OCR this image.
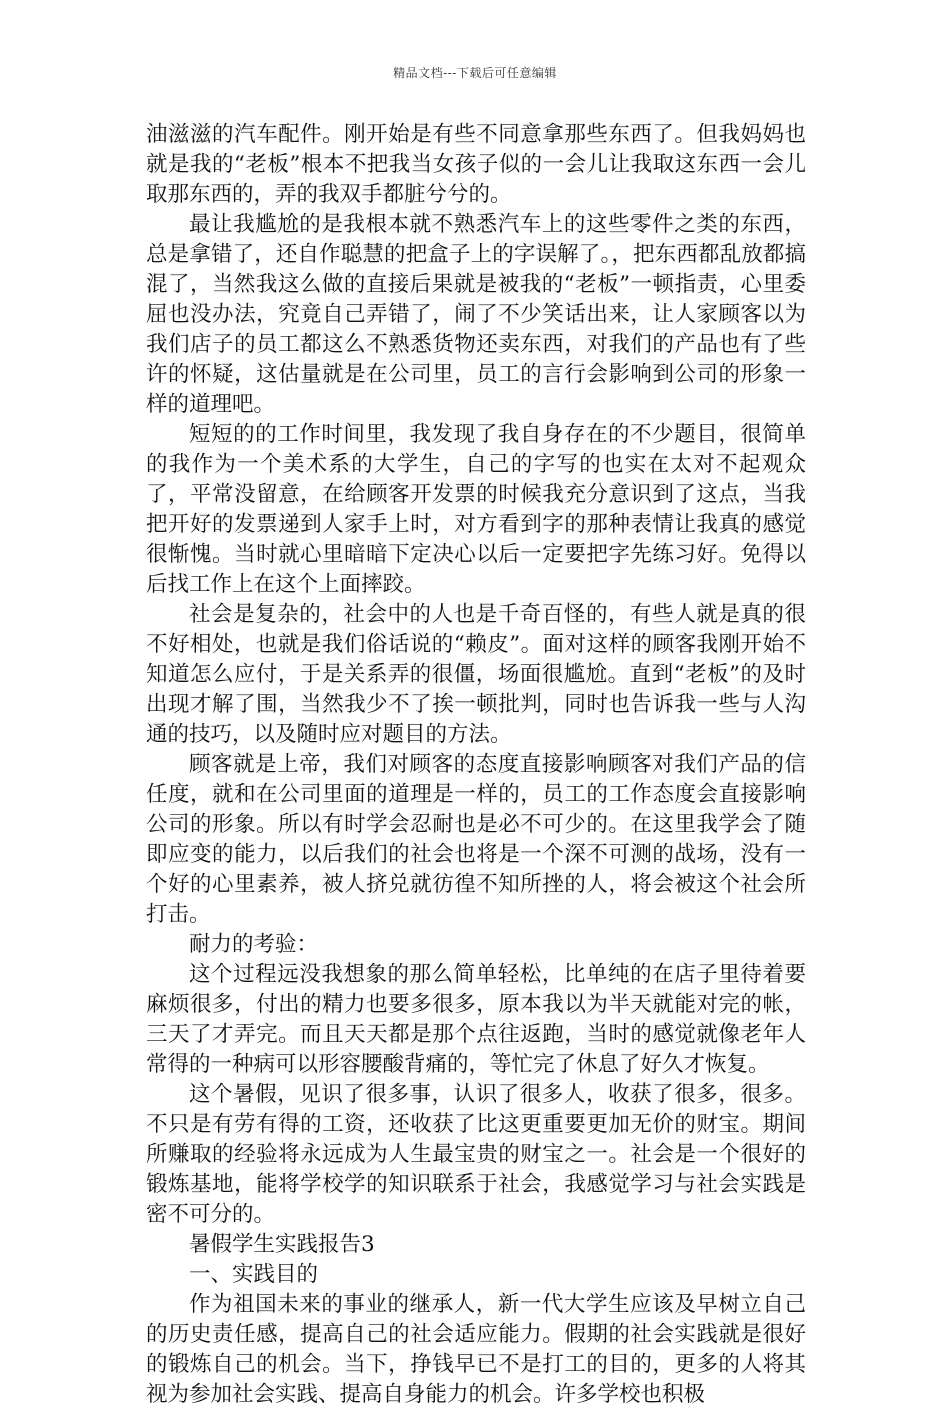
精品文档---下载后可任意编辑

油滋滋的汽车配件。刚开始是有些不同意拿那些东西了。但我妈妈也就是我的“老板”根本不把我当女孩子似的一会儿让我取这东西一会儿取那东西的，弄的我双手都脏兮兮的。

最让我尴尬的是我根本就不熟悉汽车上的这些零件之类的东西，总是拿错了，还自作聪慧的把盒子上的字误解了。，把东西都乱放都搞混了，当然我这么做的直接后果就是被我的“老板”一顿指责，心里委屈也没办法，究竟自己弄错了，闹了不少笑话出来，让人家顾客以为我们店子的员工都这么不熟悉货物还卖东西，对我们的产品也有了些许的怀疑，这估量就是在公司里，员工的言行会影响到公司的形象一样的道理吧。

短短的的工作时间里，我发现了我自身存在的不少题目，很简单的我作为一个美术系的大学生，自己的字写的也实在太对不起观众了，平常没留意，在给顾客开发票的时候我充分意识到了这点，当我把开好的发票递到人家手上时，对方看到字的那种表情让我真的感觉很惭愧。当时就心里暗暗下定决心以后一定要把字先练习好。免得以后找工作上在这个上面摔跤。

社会是复杂的，社会中的人也是千奇百怪的，有些人就是真的很不好相处，也就是我们俗话说的“赖皮”。面对这样的顾客我刚开始不知道怎么应付，于是关系弄的很僵，场面很尴尬。直到“老板”的及时出现才解了围，当然我少不了挨一顿批判，同时也告诉我一些与人沟通的技巧，以及随时应对题目的方法。

顾客就是上帝，我们对顾客的态度直接影响顾客对我们产品的信任度，就和在公司里面的道理是一样的，员工的工作态度会直接影响公司的形象。所以有时学会忍耐也是必不可少的。在这里我学会了随即应变的能力，以后我们的社会也将是一个深不可测的战场，没有一个好的心里素养，被人挤兑就彷徨不知所挫的人，将会被这个社会所打击。

耐力的考验：

这个过程远没我想象的那么简单轻松，比单纯的在店子里待着要麻烦很多，付出的精力也要多很多，原本我以为半天就能对完的帐，三天了才弄完。而且天天都是那个点往返跑，当时的感觉就像老年人常得的一种病可以形容腰酸背痛的，等忙完了休息了好久才恢复。

这个暑假，见识了很多事，认识了很多人，收获了很多，很多。不只是有劳有得的工资，还收获了比这更重要更加无价的财宝。期间所赚取的经验将永远成为人生最宝贵的财宝之一。社会是一个很好的锻炼基地，能将学校学的知识联系于社会，我感觉学习与社会实践是密不可分的。

暑假学生实践报告3

一、实践目的

作为祖国未来的事业的继承人，新一代大学生应该及早树立自己的历史责任感，提高自己的社会适应能力。假期的社会实践就是很好的锻炼自己的机会。当下，挣钱早已不是打工的目的，更多的人将其视为参加社会实践、提高自身能力的机会。许多学校也积极
